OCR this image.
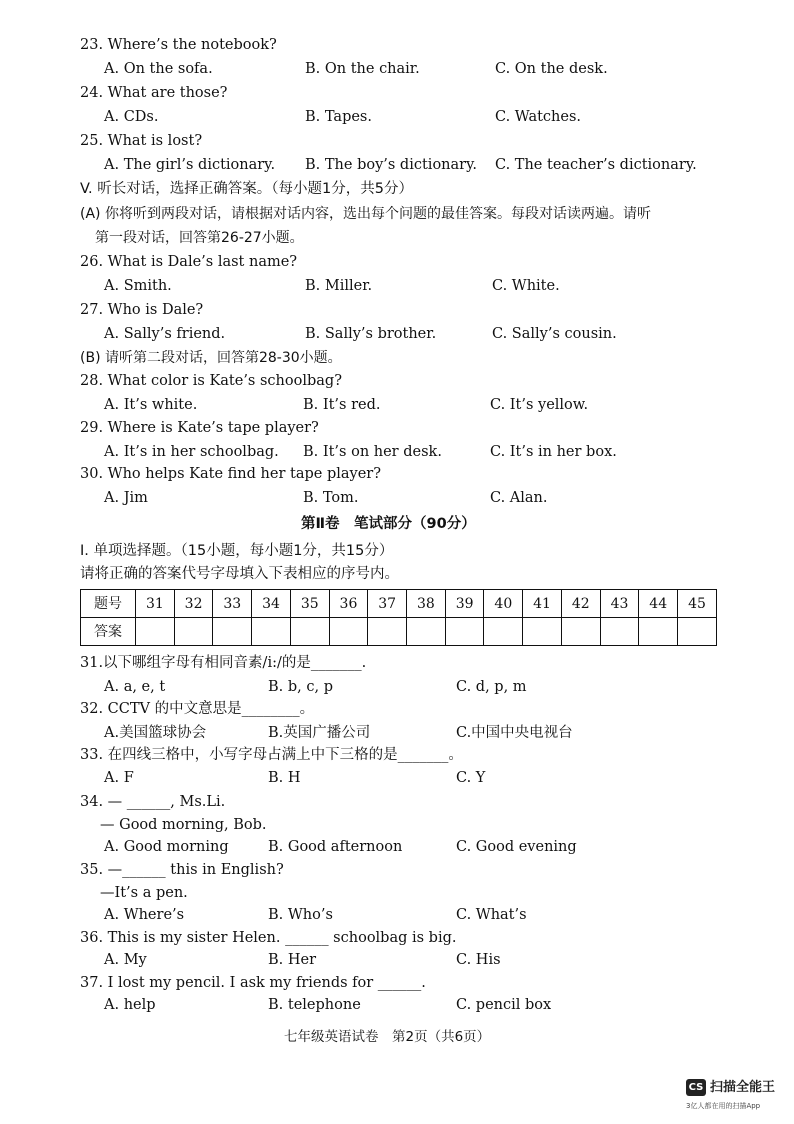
23. Where’s the notebook?
A. On the sofa.	B. On the chair.	C. On the desk.
24. What are those?
A. CDs.	B. Tapes.	C. Watches.
25. What is lost?
A. The girl’s dictionary. B. The boy’s dictionary. C. The teacher’s dictionary.
V. 听长对话，选择正确答案。（每小题1分，共5分）
(A) 你将听到两段对话，请根据对话内容，选出每个问题的最佳答案。每段对话读两遍。请听
第一段对话，回答第26-27小题。
26. What is Dale’s last name?
A. Smith.	B. Miller.	C. White.
27. Who is Dale?
A. Sally’s friend.	B. Sally’s brother.	C. Sally’s cousin.
(B) 请听第二段对话，回答第28-30小题。
28. What color is Kate’s schoolbag?
A. It’s white.	B. It’s red.	C. It’s yellow.
29. Where is Kate’s tape player?
A. It’s in her schoolbag. B. It’s on her desk.	C. It’s in her box.
30. Who helps Kate find her tape player?
A. Jim	B. Tom.	C. Alan.
第Ⅱ卷　笔试部分（90分）
I. 单项选择题。（15小题，每小题1分，共15分）
请将正确的答案代号字母填入下表相应的序号内。
题号	31	32	33	34	35	36	37	38	39	40	41	42	43	44	45
答案															
31.以下哪组字母有相同音素/i:/的是_______.
A. a, e, t	B. b, c, p	C. d, p, m
32. CCTV 的中文意思是________。
A.美国篮球协会	B.英国广播公司	C.中国中央电视台
33. 在四线三格中，小写字母占满上中下三格的是_______。
A. F	B. H	C. Y
34. — ______, Ms.Li.
— Good morning, Bob.
A. Good morning	B. Good afternoon	C. Good evening
35. —______ this in English?
—It’s a pen.
A. Where’s	B. Who’s	C. What’s
36. This is my sister Helen. ______ schoolbag is big.
A. My	B. Her	C. His
37. I lost my pencil. I ask my friends for ______.
A. help	B. telephone	C. pencil box
七年级英语试卷　第2页（共6页）
CS 扫描全能王
3亿人都在用的扫描App
